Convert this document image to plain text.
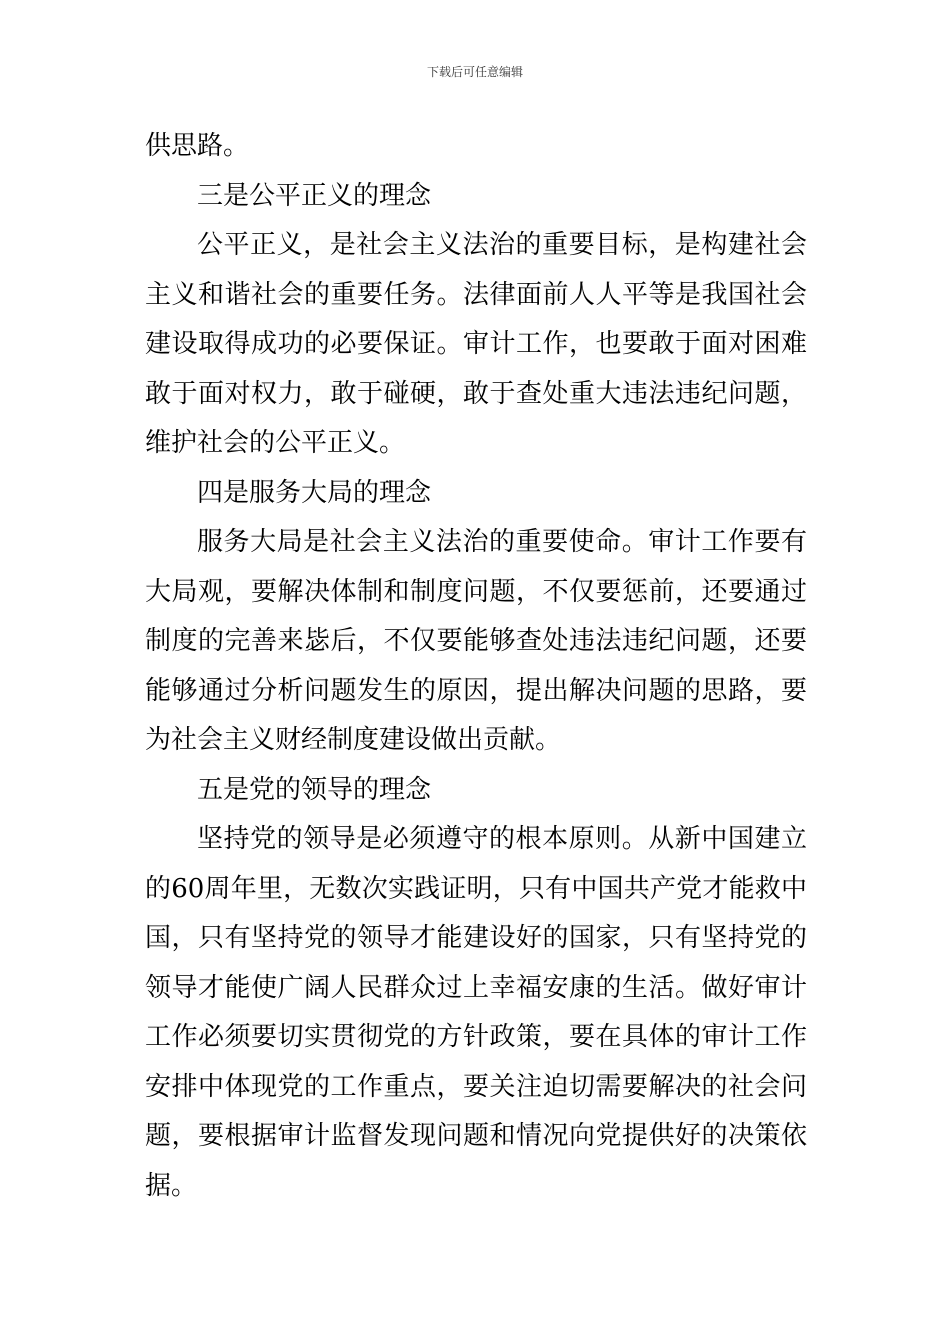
下载后可任意编辑
供思路。
三是公平正义的理念
公平正义，是社会主义法治的重要目标，是构建社会
主义和谐社会的重要任务。法律面前人人平等是我国社会
建设取得成功的必要保证。审计工作，也要敢于面对困难
敢于面对权力，敢于碰硬，敢于查处重大违法违纪问题，
维护社会的公平正义。
四是服务大局的理念
服务大局是社会主义法治的重要使命。审计工作要有
大局观，要解决体制和制度问题，不仅要惩前，还要通过
制度的完善来毖后，不仅要能够查处违法违纪问题，还要
能够通过分析问题发生的原因，提出解决问题的思路，要
为社会主义财经制度建设做出贡献。
五是党的领导的理念
坚持党的领导是必须遵守的根本原则。从新中国建立
的60周年里，无数次实践证明，只有中国共产党才能救中
国，只有坚持党的领导才能建设好的国家，只有坚持党的
领导才能使广阔人民群众过上幸福安康的生活。做好审计
工作必须要切实贯彻党的方针政策，要在具体的审计工作
安排中体现党的工作重点，要关注迫切需要解决的社会问
题，要根据审计监督发现问题和情况向党提供好的决策依
据。
